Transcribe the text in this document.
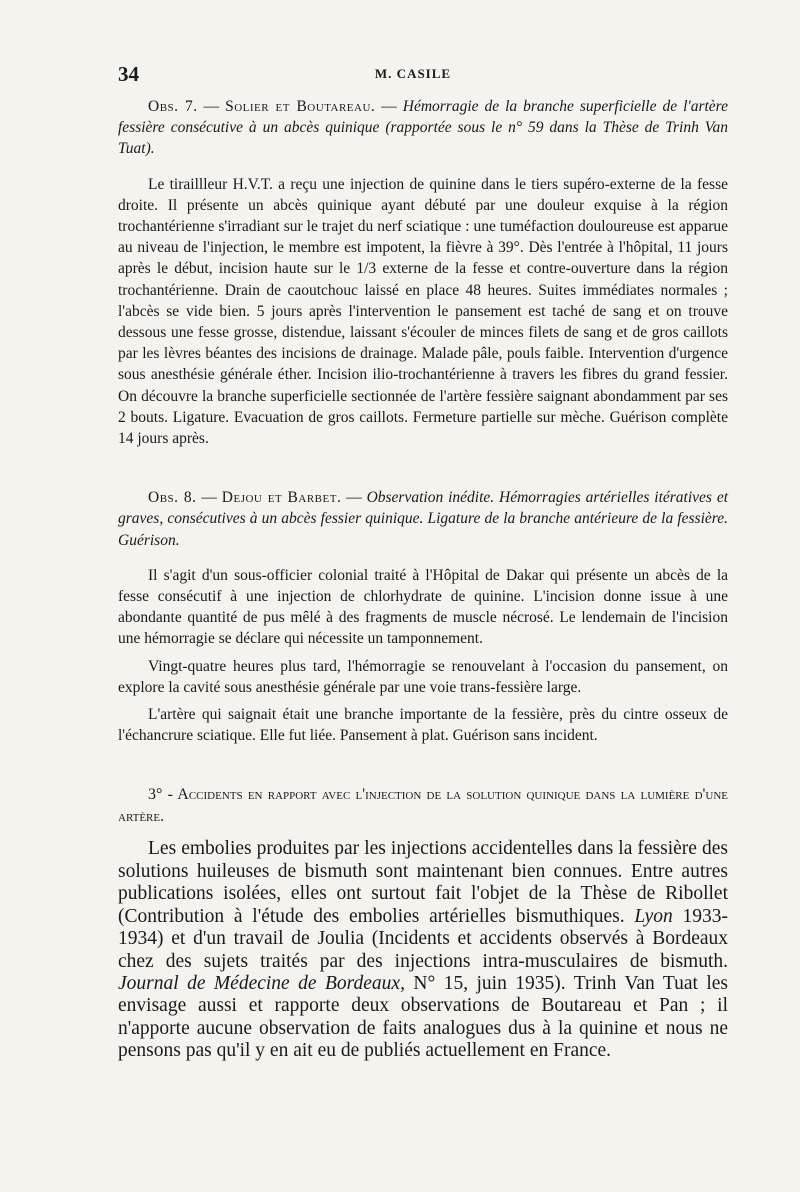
34	M. CASILE

Obs. 7. — Solier et Boutareau. — Hémorragie de la branche superficielle de l'artère fessière consécutive à un abcès quinique (rapportée sous le n° 59 dans la Thèse de Trinh Van Tuat).

Le tiraillleur H.V.T. a reçu une injection de quinine dans le tiers supéro-externe de la fesse droite. Il présente un abcès quinique ayant débuté par une douleur exquise à la région trochantérienne s'irradiant sur le trajet du nerf sciatique : une tuméfaction douloureuse est apparue au niveau de l'injection, le membre est impotent, la fièvre à 39°. Dès l'entrée à l'hôpital, 11 jours après le début, incision haute sur le 1/3 externe de la fesse et contre-ouverture dans la région trochantérienne. Drain de caoutchouc laissé en place 48 heures. Suites immédiates normales ; l'abcès se vide bien. 5 jours après l'intervention le pansement est taché de sang et on trouve dessous une fesse grosse, distendue, laissant s'écouler de minces filets de sang et de gros caillots par les lèvres béantes des incisions de drainage. Malade pâle, pouls faible. Intervention d'urgence sous anesthésie générale éther. Incision ilio-trochantérienne à travers les fibres du grand fessier. On découvre la branche superficielle sectionnée de l'artère fessière saignant abondamment par ses 2 bouts. Ligature. Evacuation de gros caillots. Fermeture partielle sur mèche. Guérison complète 14 jours après.

Obs. 8. — Dejou et Barbet. — Observation inédite. Hémorragies artérielles itératives et graves, consécutives à un abcès fessier quinique. Ligature de la branche antérieure de la fessière. Guérison.

Il s'agit d'un sous-officier colonial traité à l'Hôpital de Dakar qui présente un abcès de la fesse consécutif à une injection de chlorhydrate de quinine. L'incision donne issue à une abondante quantité de pus mêlé à des fragments de muscle nécrosé. Le lendemain de l'incision une hémorragie se déclare qui nécessite un tamponnement.

Vingt-quatre heures plus tard, l'hémorragie se renouvelant à l'occasion du pansement, on explore la cavité sous anesthésie générale par une voie trans-fessière large.

L'artère qui saignait était une branche importante de la fessière, près du cintre osseux de l'échancrure sciatique. Elle fut liée. Pansement à plat. Guérison sans incident.

3° - Accidents en rapport avec l'injection de la solution quinique dans la lumière d'une artère.

Les embolies produites par les injections accidentelles dans la fessière des solutions huileuses de bismuth sont maintenant bien connues. Entre autres publications isolées, elles ont surtout fait l'objet de la Thèse de Ribollet (Contribution à l'étude des embolies artérielles bismuthiques. Lyon 1933-1934) et d'un travail de Joulia (Incidents et accidents observés à Bordeaux chez des sujets traités par des injections intra-musculaires de bismuth. Journal de Médecine de Bordeaux, N° 15, juin 1935). Trinh Van Tuat les envisage aussi et rapporte deux observations de Boutareau et Pan ; il n'apporte aucune observation de faits analogues dus à la quinine et nous ne pensons pas qu'il y en ait eu de publiés actuellement en France.
